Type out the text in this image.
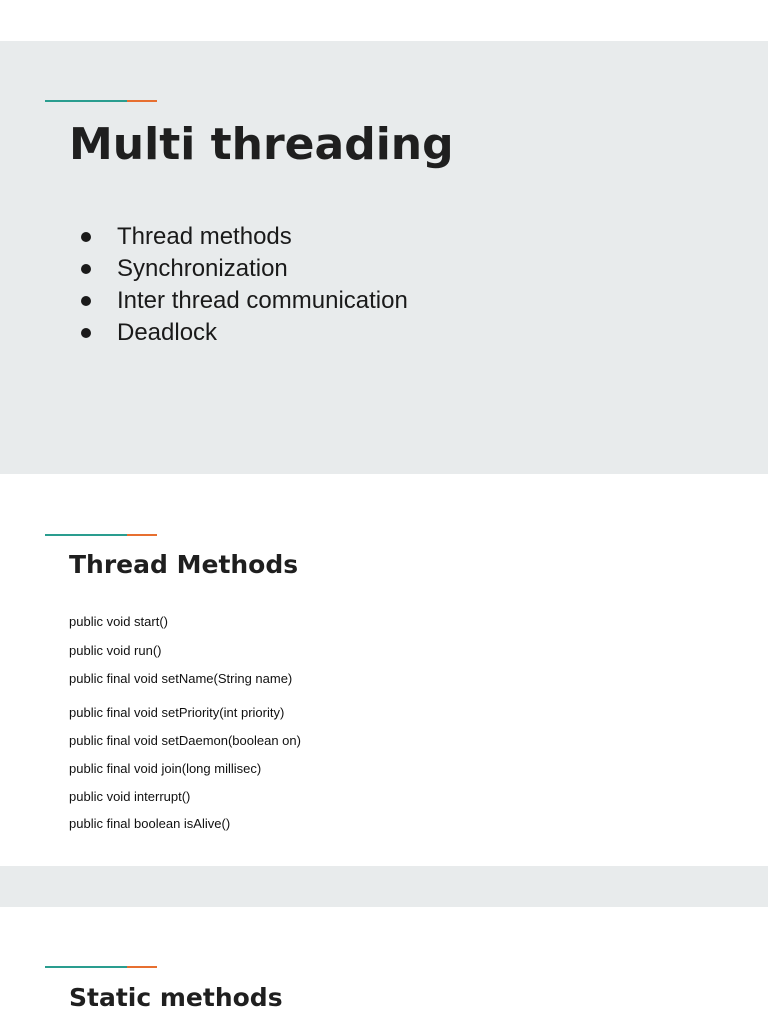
Multi threading
Thread methods
Synchronization
Inter thread communication
Deadlock
Thread Methods
public void start()
public void run()
public final void setName(String name)
public final void setPriority(int priority)
public final void setDaemon(boolean on)
public final void join(long millisec)
public void interrupt()
public final boolean isAlive()
Static methods
